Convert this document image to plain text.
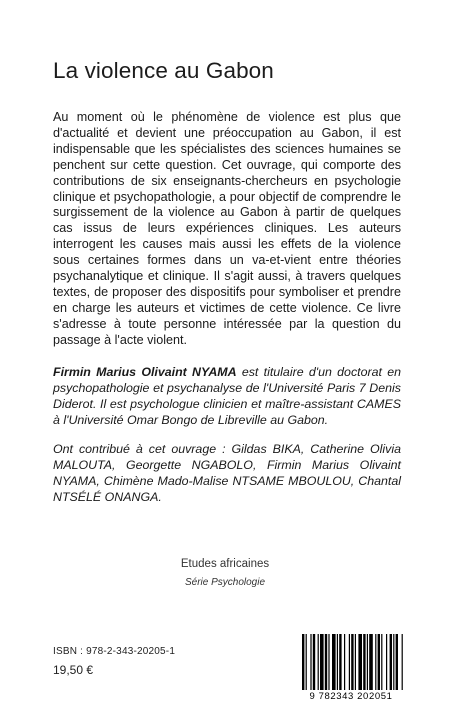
La violence au Gabon

Au moment où le phénomène de violence est plus que d'actualité et devient une préoccupation au Gabon, il est indispensable que les spécialistes des sciences humaines se penchent sur cette question. Cet ouvrage, qui comporte des contributions de six enseignants-chercheurs en psychologie clinique et psychopathologie, a pour objectif de comprendre le surgissement de la violence au Gabon à partir de quelques cas issus de leurs expériences cliniques. Les auteurs interrogent les causes mais aussi les effets de la violence sous certaines formes dans un va-et-vient entre théories psychanalytique et clinique. Il s'agit aussi, à travers quelques textes, de proposer des dispositifs pour symboliser et prendre en charge les auteurs et victimes de cette violence. Ce livre s'adresse à toute personne intéressée par la question du passage à l'acte violent.

Firmin Marius Olivaint NYAMA est titulaire d'un doctorat en psychopathologie et psychanalyse de l'Université Paris 7 Denis Diderot. Il est psychologue clinicien et maître-assistant CAMES à l'Université Omar Bongo de Libreville au Gabon.

Ont contribué à cet ouvrage : Gildas BIKA, Catherine Olivia MALOUTA, Georgette NGABOLO, Firmin Marius Olivaint NYAMA, Chimène Mado-Malise NTSAME MBOULOU, Chantal NTSÉLÉ ONANGA.

Etudes africaines
Série Psychologie
ISBN : 978-2-343-20205-1
19,50 €
9 782343 202051
